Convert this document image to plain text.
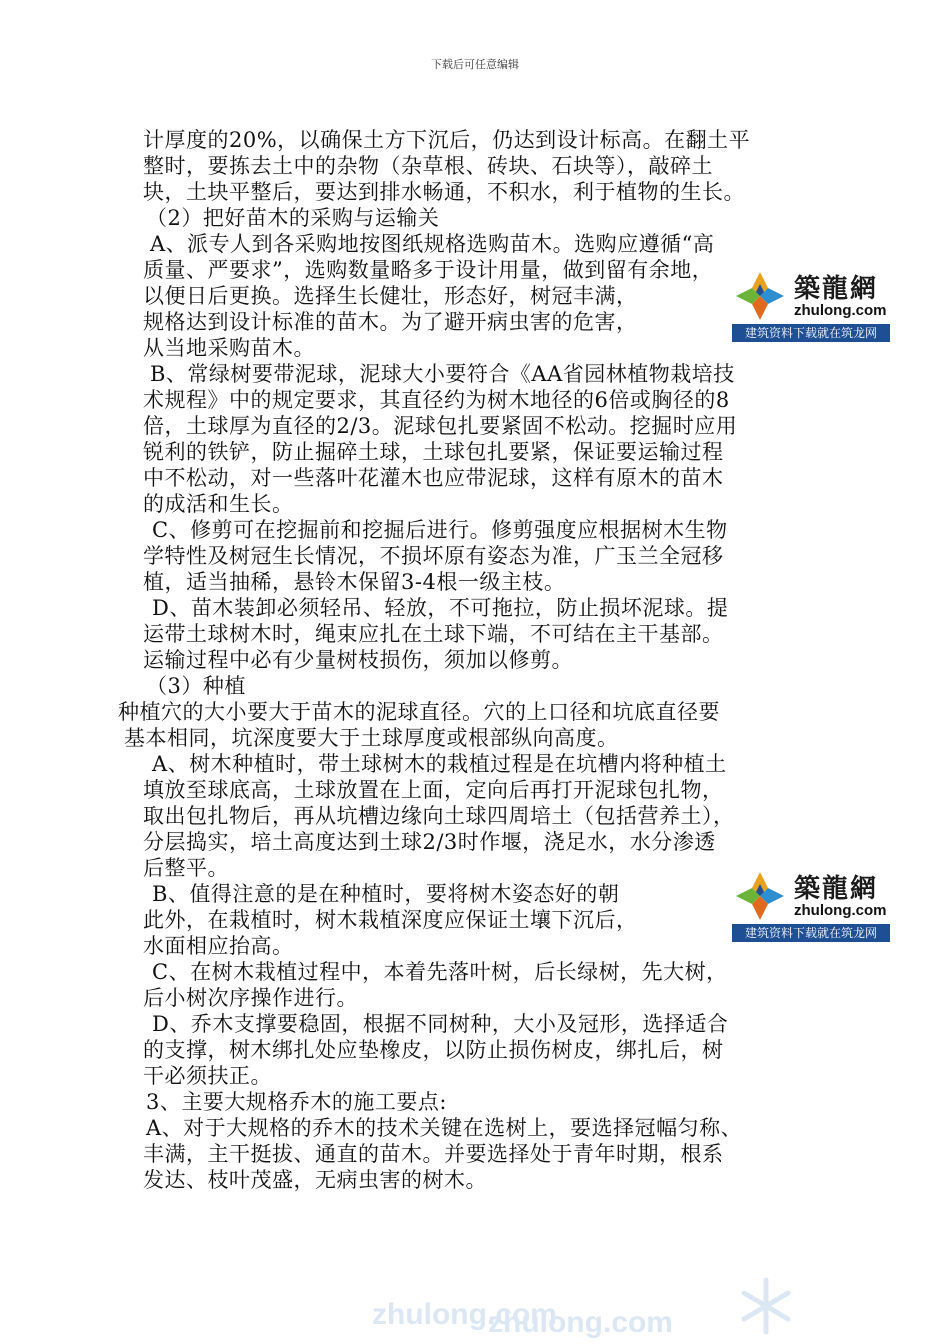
下载后可任意编辑
计厚度的20%，以确保土方下沉后，仍达到设计标高。在翻土平
整时，要拣去土中的杂物（杂草根、砖块、石块等），敲碎土
块，土块平整后，要达到排水畅通，不积水，利于植物的生长。
（2）把好苗木的采购与运输关
A、派专人到各采购地按图纸规格选购苗木。选购应遵循“高
质量、严要求”，选购数量略多于设计用量，做到留有余地，
以便日后更换。选择生长健壮，形态好，树冠丰满，
规格达到设计标准的苗木。为了避开病虫害的危害，
从当地采购苗木。
B、常绿树要带泥球，泥球大小要符合《AA省园林植物栽培技
术规程》中的规定要求，其直径约为树木地径的6倍或胸径的8
倍，土球厚为直径的2/3。泥球包扎要紧固不松动。挖掘时应用
锐利的铁铲，防止掘碎土球，土球包扎要紧，保证要运输过程
中不松动，对一些落叶花灌木也应带泥球，这样有原木的苗木
的成活和生长。
C、修剪可在挖掘前和挖掘后进行。修剪强度应根据树木生物
学特性及树冠生长情况，不损坏原有姿态为准，广玉兰全冠移
植，适当抽稀，悬铃木保留3-4根一级主枝。
D、苗木装卸必须轻吊、轻放，不可拖拉，防止损坏泥球。提
运带土球树木时，绳束应扎在土球下端，不可结在主干基部。
运输过程中必有少量树枝损伤，须加以修剪。
（3）种植
种植穴的大小要大于苗木的泥球直径。穴的上口径和坑底直径要
基本相同，坑深度要大于土球厚度或根部纵向高度。
A、树木种植时，带土球树木的栽植过程是在坑槽内将种植土
填放至球底高，土球放置在上面，定向后再打开泥球包扎物，
取出包扎物后，再从坑槽边缘向土球四周培土（包括营养土），
分层捣实，培土高度达到土球2/3时作堰，浇足水，水分渗透
后整平。
B、值得注意的是在种植时，要将树木姿态好的朝
此外，在栽植时，树木栽植深度应保证土壤下沉后，
水面相应抬高。
C、在树木栽植过程中，本着先落叶树，后长绿树，先大树，
后小树次序操作进行。
D、乔木支撑要稳固，根据不同树种，大小及冠形，选择适合
的支撑，树木绑扎处应垫橡皮，以防止损伤树皮，绑扎后，树
干必须扶正。
3、主要大规格乔木的施工要点:
A、对于大规格的乔木的技术关键在选树上，要选择冠幅匀称、
丰满，主干挺拔、通直的苗木。并要选择处于青年时期，根系
发达、枝叶茂盛，无病虫害的树木。
築龍網
zhulong.com
建筑资料下载就在筑龙网
築龍網
zhulong.com
建筑资料下载就在筑龙网
zhulong.com
zhulong.com
